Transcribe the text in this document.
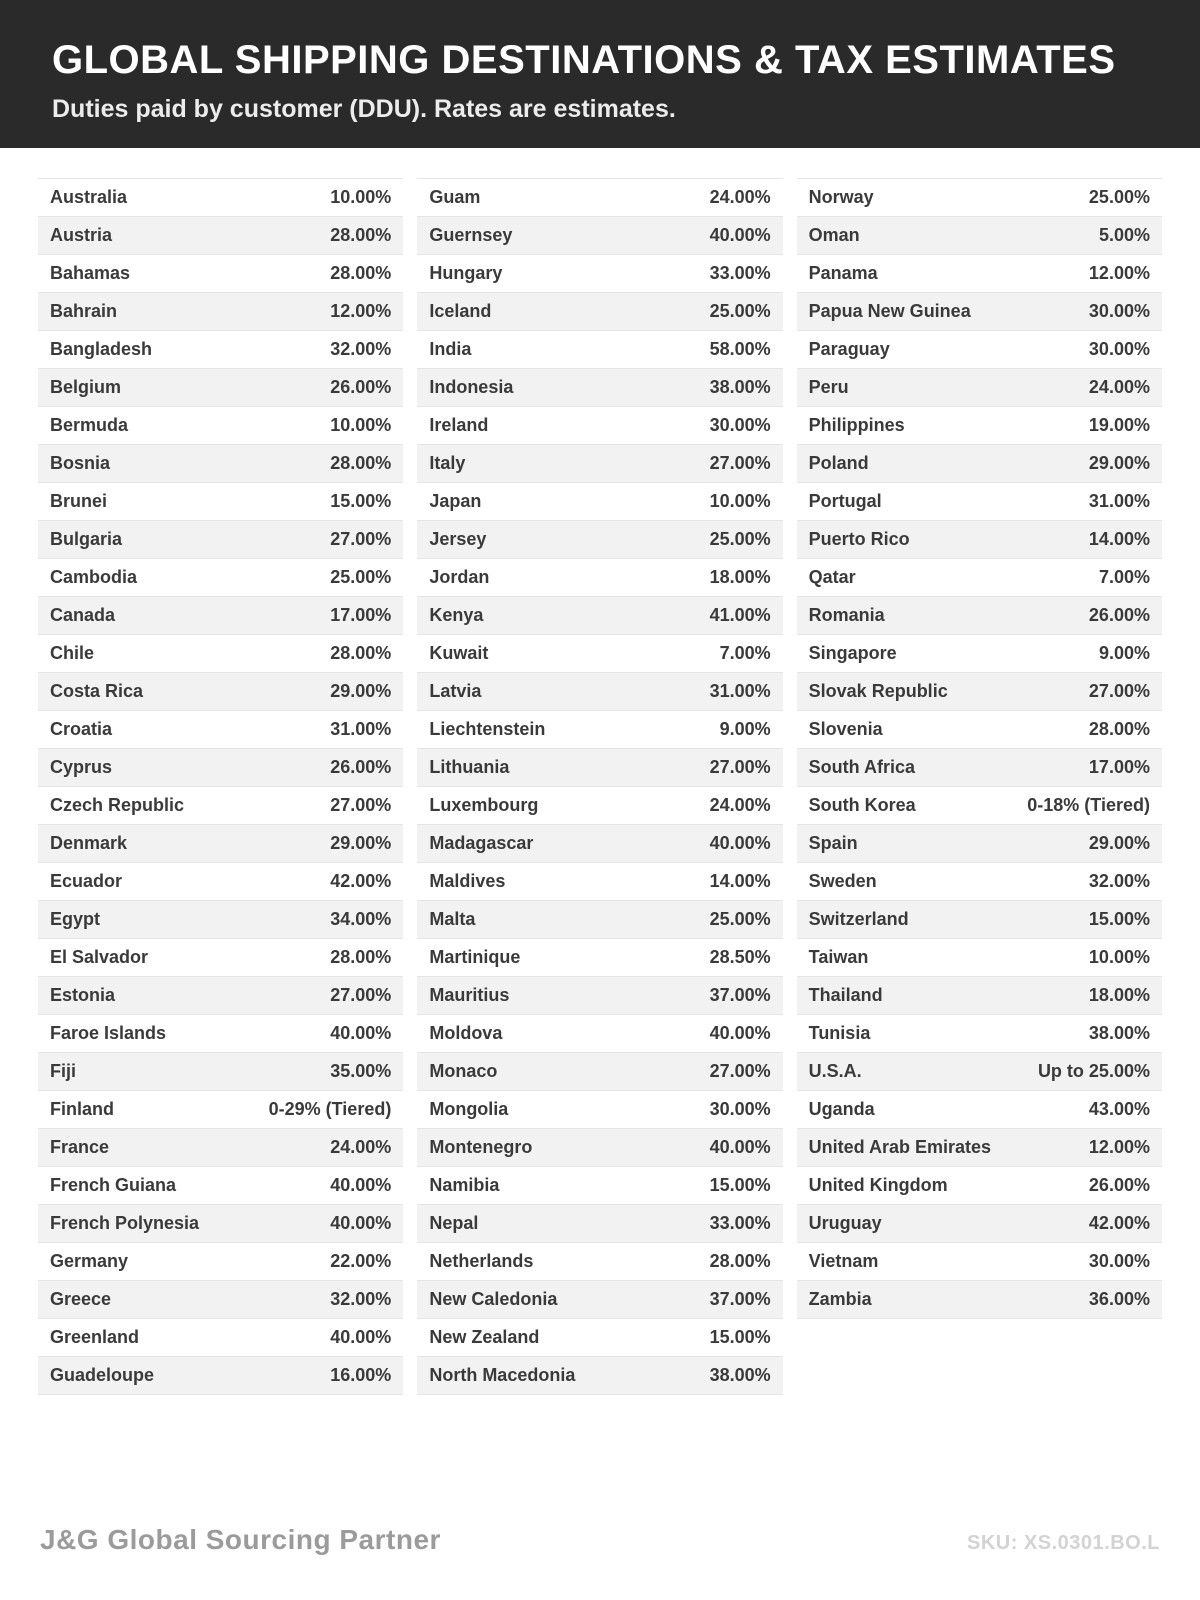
GLOBAL SHIPPING DESTINATIONS & TAX ESTIMATES

Duties paid by customer (DDU). Rates are estimates.

Australia	10.00%
Austria	28.00%
Bahamas	28.00%
Bahrain	12.00%
Bangladesh	32.00%
Belgium	26.00%
Bermuda	10.00%
Bosnia	28.00%
Brunei	15.00%
Bulgaria	27.00%
Cambodia	25.00%
Canada	17.00%
Chile	28.00%
Costa Rica	29.00%
Croatia	31.00%
Cyprus	26.00%
Czech Republic	27.00%
Denmark	29.00%
Ecuador	42.00%
Egypt	34.00%
El Salvador	28.00%
Estonia	27.00%
Faroe Islands	40.00%
Fiji	35.00%
Finland	0-29% (Tiered)
France	24.00%
French Guiana	40.00%
French Polynesia	40.00%
Germany	22.00%
Greece	32.00%
Greenland	40.00%
Guadeloupe	16.00%
Guam	24.00%
Guernsey	40.00%
Hungary	33.00%
Iceland	25.00%
India	58.00%
Indonesia	38.00%
Ireland	30.00%
Italy	27.00%
Japan	10.00%
Jersey	25.00%
Jordan	18.00%
Kenya	41.00%
Kuwait	7.00%
Latvia	31.00%
Liechtenstein	9.00%
Lithuania	27.00%
Luxembourg	24.00%
Madagascar	40.00%
Maldives	14.00%
Malta	25.00%
Martinique	28.50%
Mauritius	37.00%
Moldova	40.00%
Monaco	27.00%
Mongolia	30.00%
Montenegro	40.00%
Namibia	15.00%
Nepal	33.00%
Netherlands	28.00%
New Caledonia	37.00%
New Zealand	15.00%
North Macedonia	38.00%
Norway	25.00%
Oman	5.00%
Panama	12.00%
Papua New Guinea	30.00%
Paraguay	30.00%
Peru	24.00%
Philippines	19.00%
Poland	29.00%
Portugal	31.00%
Puerto Rico	14.00%
Qatar	7.00%
Romania	26.00%
Singapore	9.00%
Slovak Republic	27.00%
Slovenia	28.00%
South Africa	17.00%
South Korea	0-18% (Tiered)
Spain	29.00%
Sweden	32.00%
Switzerland	15.00%
Taiwan	10.00%
Thailand	18.00%
Tunisia	38.00%
U.S.A.	Up to 25.00%
Uganda	43.00%
United Arab Emirates	12.00%
United Kingdom	26.00%
Uruguay	42.00%
Vietnam	30.00%
Zambia	36.00%
J&G Global Sourcing Partner	SKU: XS.0301.BO.L
